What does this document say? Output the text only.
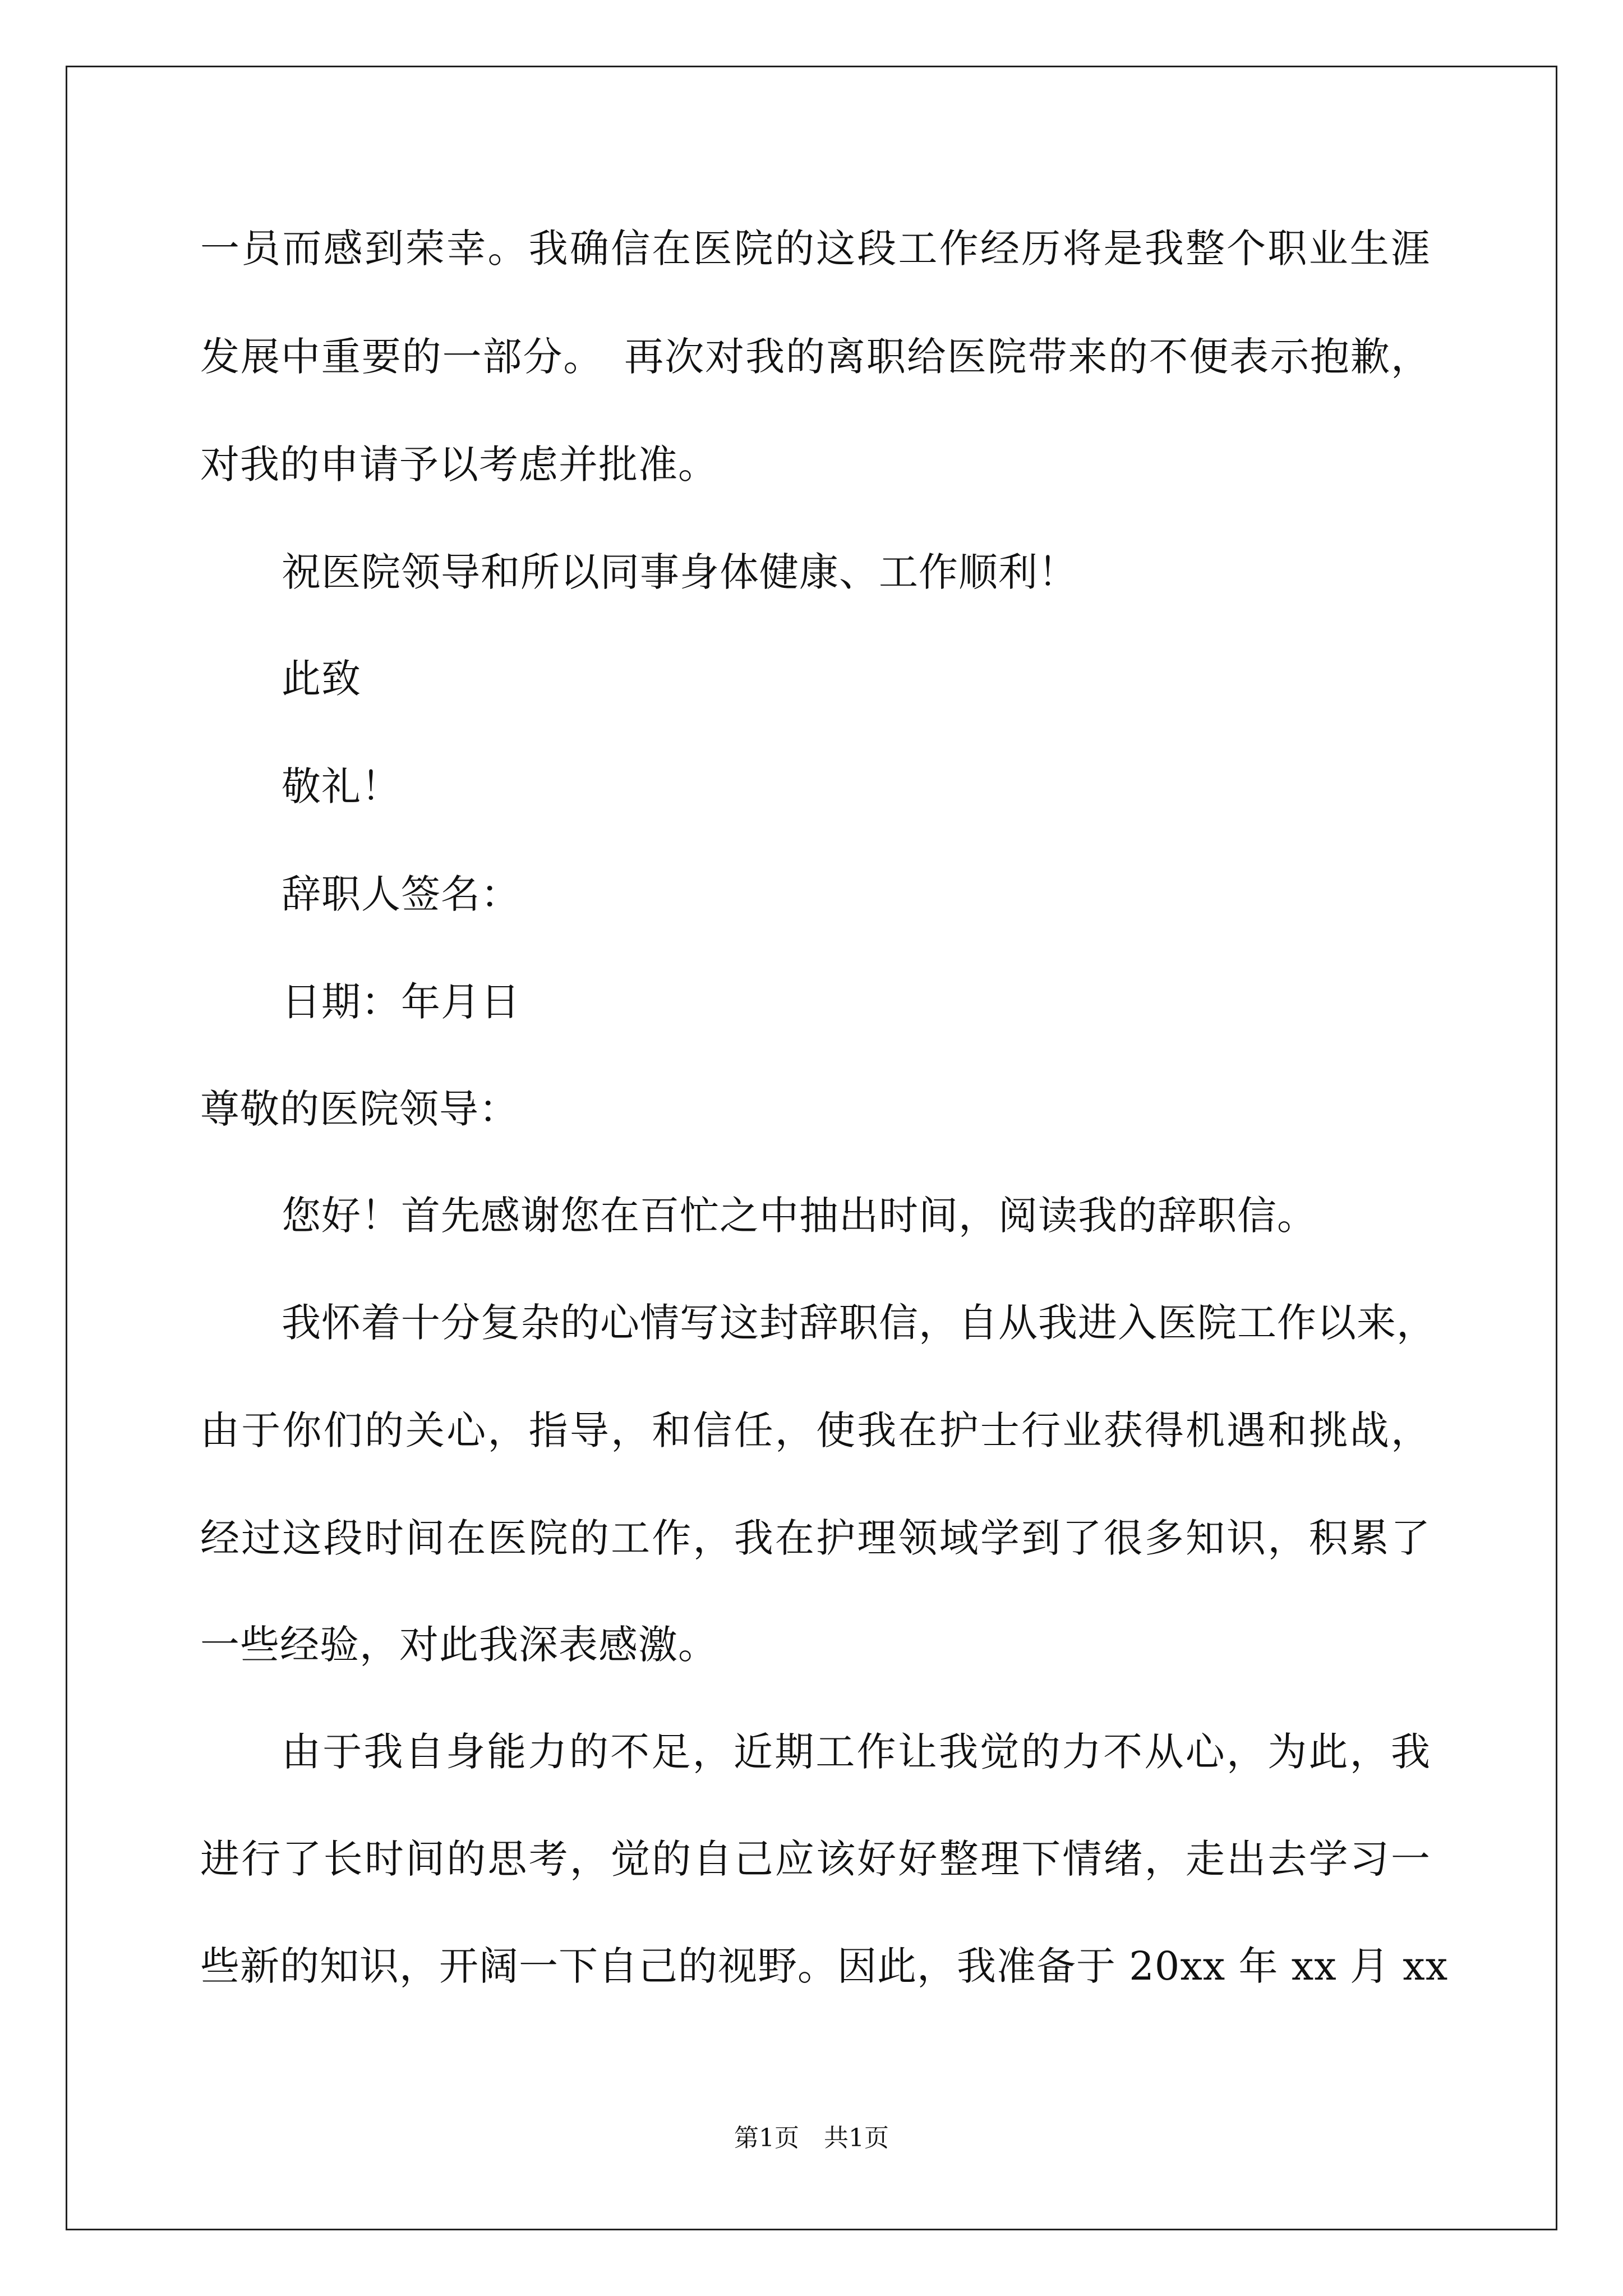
一员而感到荣幸。我确信在医院的这段工作经历将是我整个职业生涯
发展中重要的一部分。　再次对我的离职给医院带来的不便表示抱歉，
对我的申请予以考虑并批准。
祝医院领导和所以同事身体健康、工作顺利！
此致
敬礼！
辞职人签名：
日期：年月日
尊敬的医院领导：
您好！首先感谢您在百忙之中抽出时间，阅读我的辞职信。
我怀着十分复杂的心情写这封辞职信，自从我进入医院工作以来，
由于你们的关心，指导，和信任，使我在护士行业获得机遇和挑战，
经过这段时间在医院的工作，我在护理领域学到了很多知识，积累了
一些经验，对此我深表感激。
由于我自身能力的不足，近期工作让我觉的力不从心，为此，我
进行了长时间的思考，觉的自己应该好好整理下情绪，走出去学习一
些新的知识，开阔一下自己的视野。因此，我准备于 20xx 年 xx 月 xx
第1页　共1页
